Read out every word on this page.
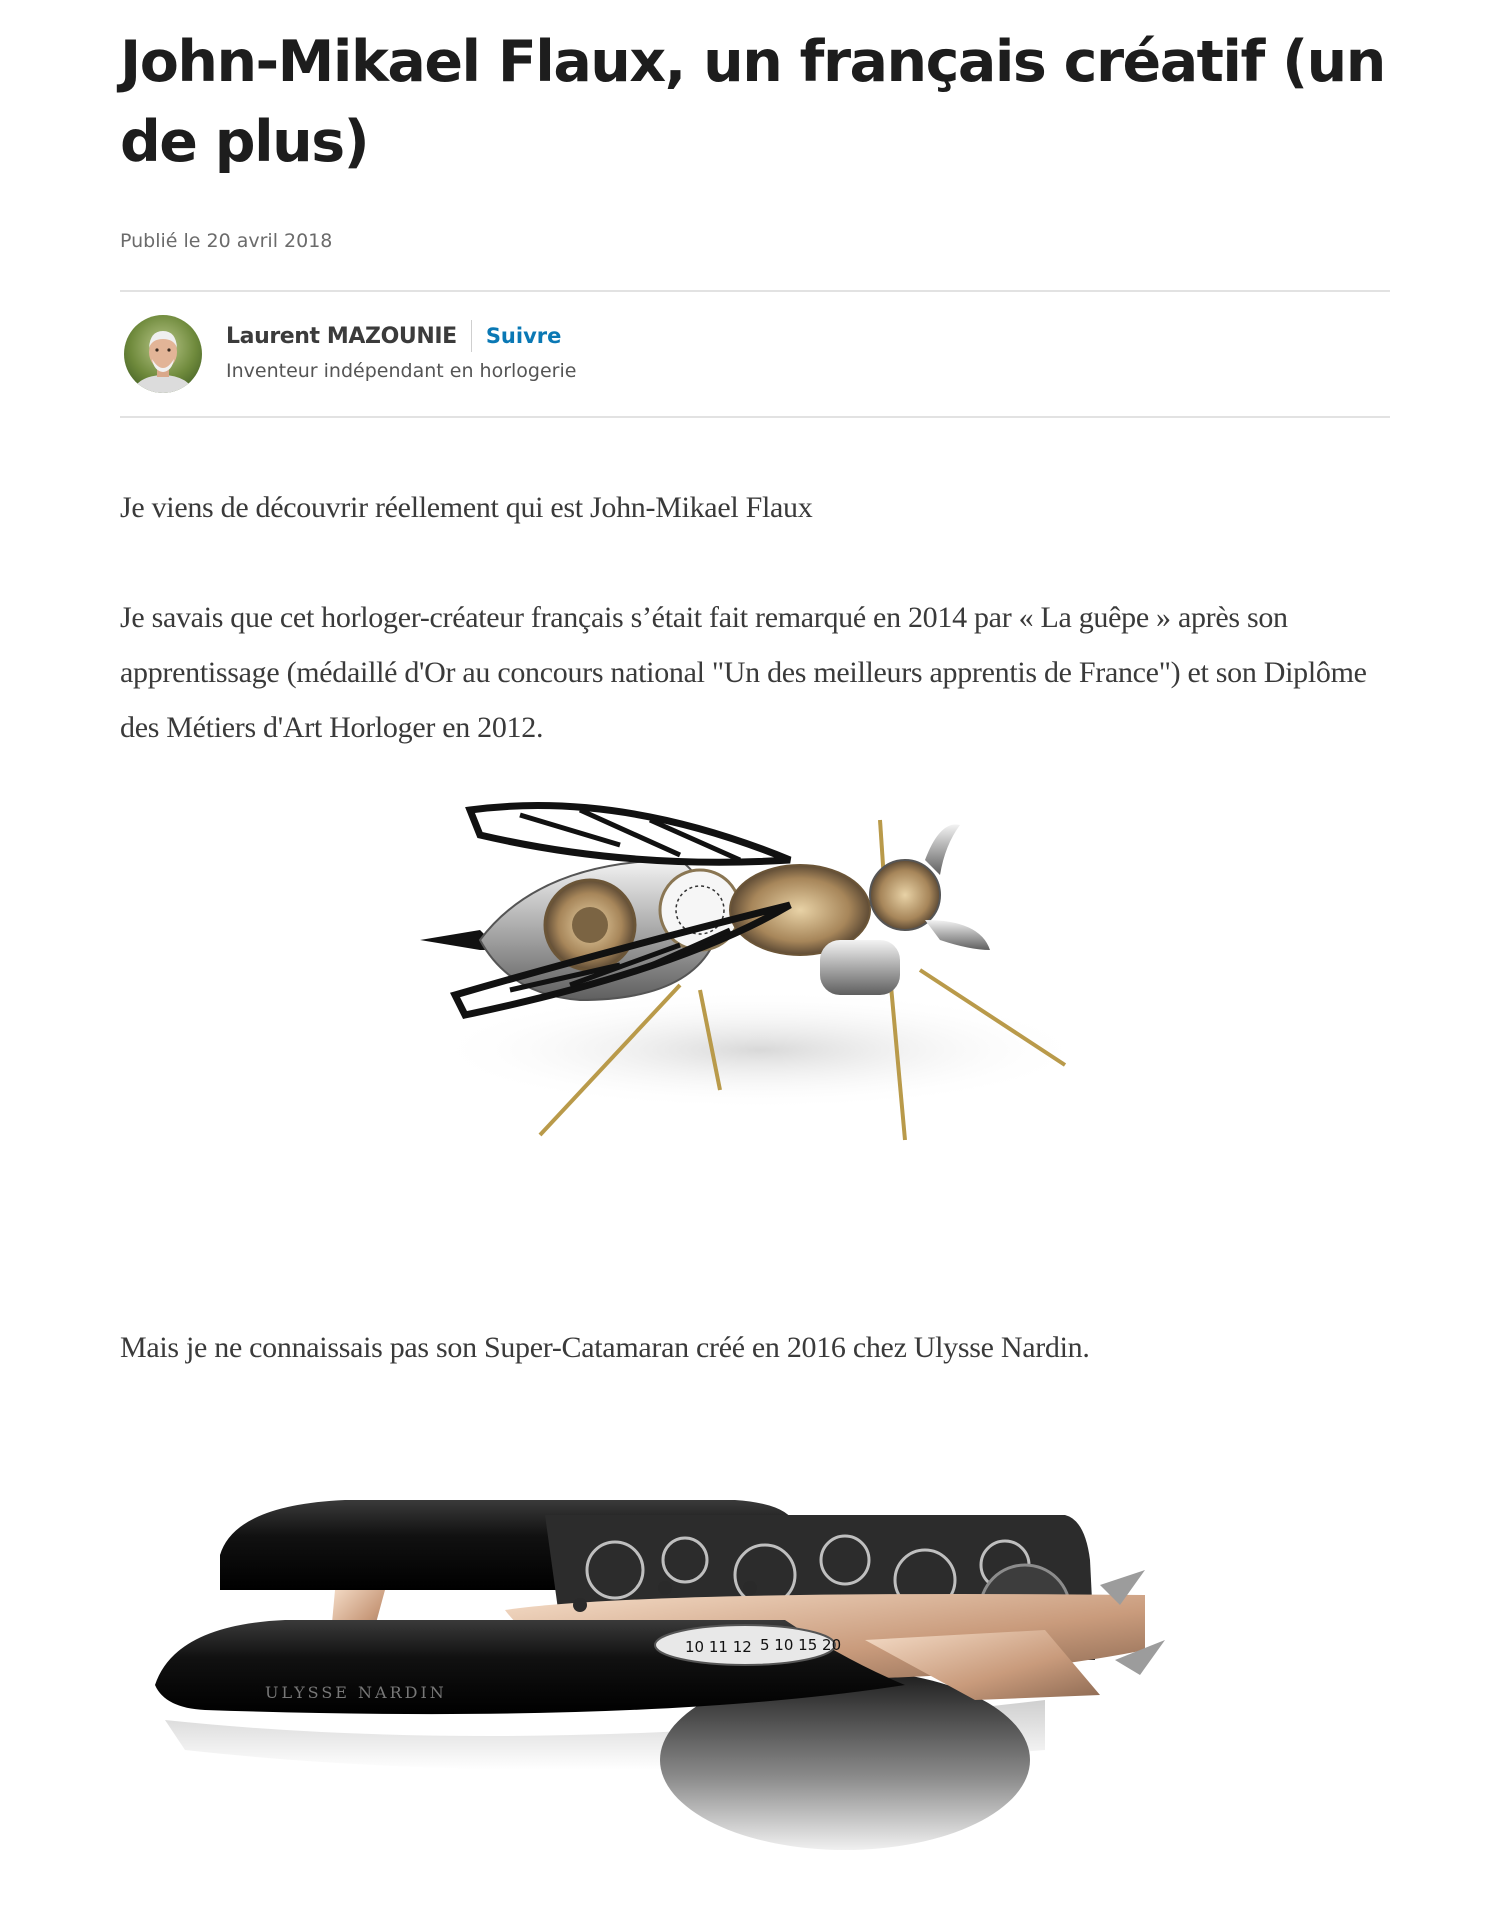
John-Mikael Flaux, un français créatif (un de plus)
Publié le 20 avril 2018
Laurent MAZOUNIE Suivre
Inventeur indépendant en horlogerie

Je viens de découvrir réellement qui est John-Mikael Flaux

Je savais que cet horloger-créateur français s’était fait remarqué en 2014 par « La guêpe » après son apprentissage (médaillé d'Or au concours national "Un des meilleurs apprentis de France") et son Diplôme des Métiers d'Art Horloger en 2012.

Mais je ne connaissais pas son Super-Catamaran créé en 2016 chez Ulysse Nardin.

10 11 12 5 10 15 20
ULYSSE NARDIN
